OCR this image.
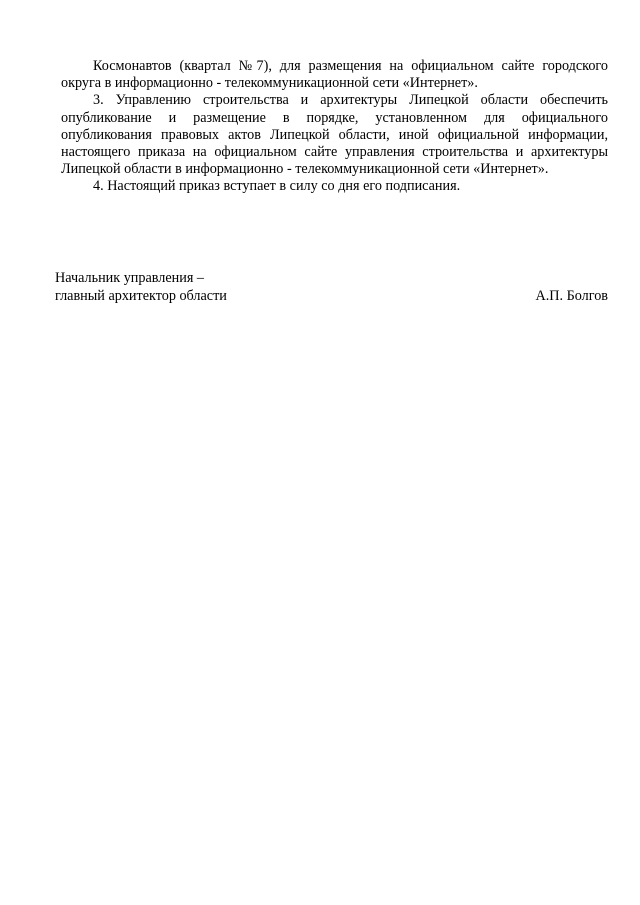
Космонавтов (квартал №7), для размещения на официальном сайте городского округа в информационно - телекоммуникационной сети «Интернет».

3. Управлению строительства и архитектуры Липецкой области обеспечить опубликование и размещение в порядке, установленном для официального опубликования правовых актов Липецкой области, иной официальной информации, настоящего приказа на официальном сайте управления строительства и архитектуры Липецкой области в информационно - телекоммуникационной сети «Интернет».

4. Настоящий приказ вступает в силу со дня его подписания.

Начальник управления –
главный архитектор области	А.П. Болгов
